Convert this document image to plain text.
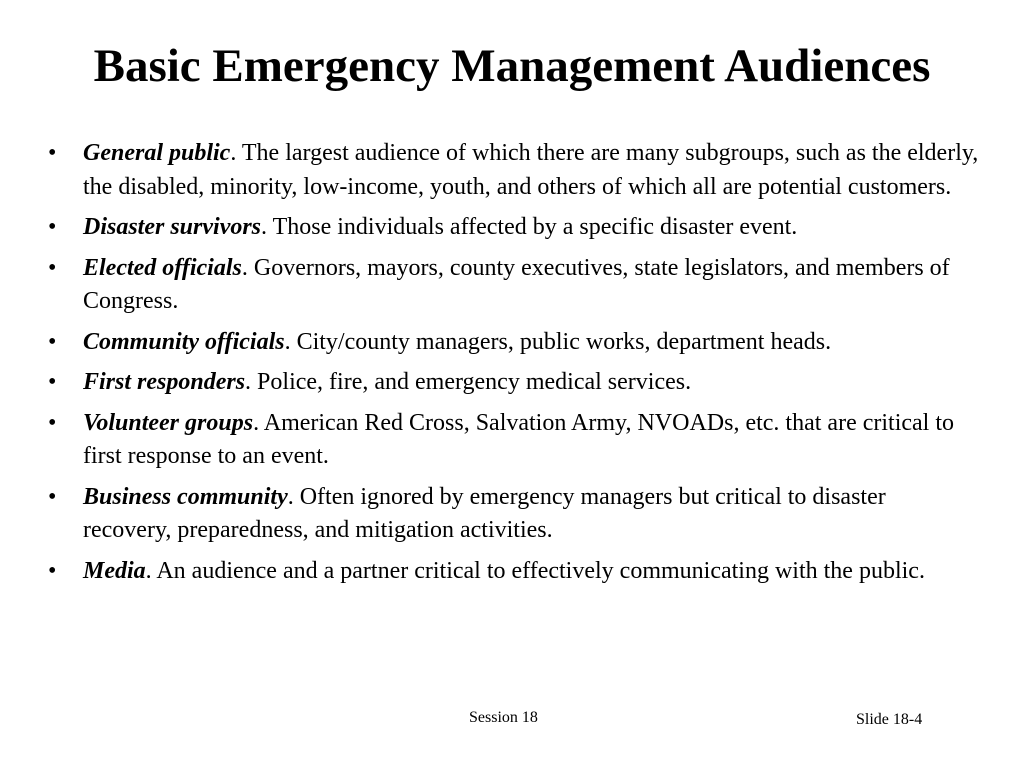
Basic Emergency Management Audiences
•	General public. The largest audience of which there are many subgroups, such as the elderly, the disabled, minority, low-income, youth, and others of which all are potential customers.
•	Disaster survivors. Those individuals affected by a specific disaster event.
•	Elected officials. Governors, mayors, county executives, state legislators, and members of Congress.
•	Community officials. City/county managers, public works, department heads.
•	First responders. Police, fire, and emergency medical services.
•	Volunteer groups. American Red Cross, Salvation Army, NVOADs, etc. that are critical to first response to an event.
•	Business community. Often ignored by emergency managers but critical to disaster recovery, preparedness, and mitigation activities.
•	Media. An audience and a partner critical to effectively communicating with the public.
Session 18	Slide 18-4
